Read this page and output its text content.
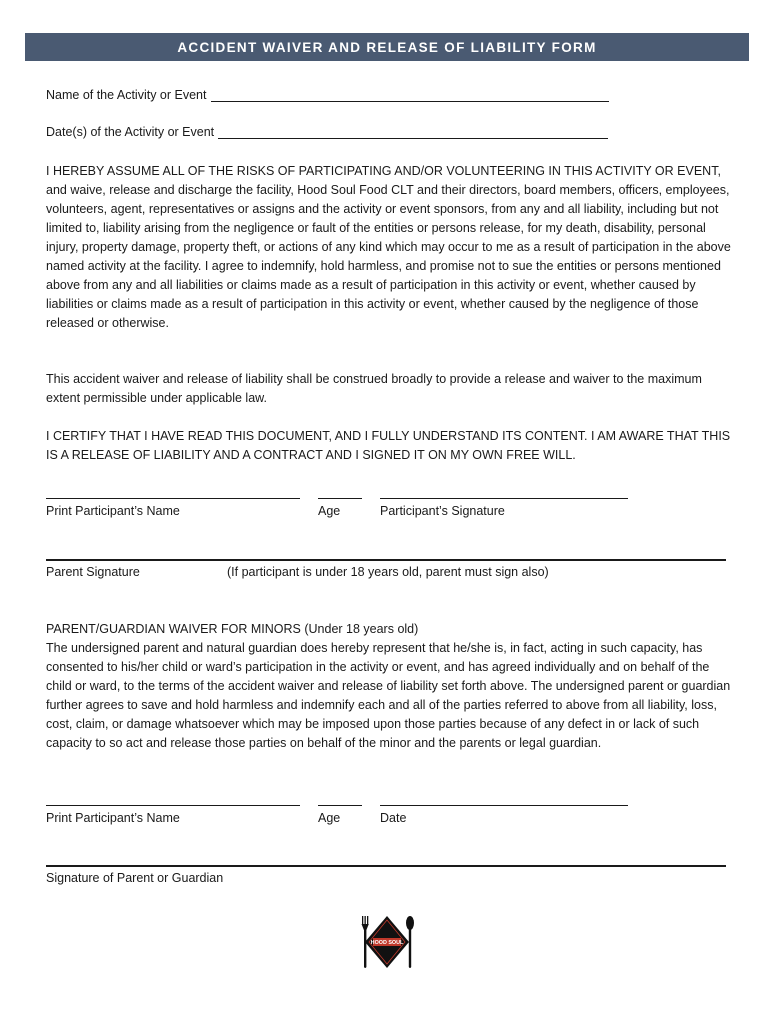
ACCIDENT WAIVER AND RELEASE OF LIABILITY FORM
Name of the Activity or Event
Date(s) of the Activity or Event

I HEREBY ASSUME ALL OF THE RISKS OF PARTICIPATING AND/OR VOLUNTEERING IN THIS ACTIVITY OR EVENT, and waive, release and discharge the facility, Hood Soul Food CLT and their directors, board members, officers, employees, volunteers, agent, representatives or assigns and the activity or event sponsors, from any and all liability, including but not limited to, liability arising from the negligence or fault of the entities or persons release, for my death, disability, personal injury, property damage, property theft, or actions of any kind which may occur to me as a result of participation in the above named activity at the facility. I agree to indemnify, hold harmless, and promise not to sue the entities or persons mentioned above from any and all liabilities or claims made as a result of participation in this activity or event, whether caused by liabilities or claims made as a result of participation in this activity or event, whether caused by the negligence of those released or otherwise.

This accident waiver and release of liability shall be construed broadly to provide a release and waiver to the maximum extent permissible under applicable law.

I CERTIFY THAT I HAVE READ THIS DOCUMENT, AND I FULLY UNDERSTAND ITS CONTENT. I AM AWARE THAT THIS IS A RELEASE OF LIABILITY AND A CONTRACT AND I SIGNED IT ON MY OWN FREE WILL.

Print Participant’s Name	Age	Participant’s Signature
Parent Signature	(If participant is under 18 years old, parent must sign also)

PARENT/GUARDIAN WAIVER FOR MINORS (Under 18 years old)

The undersigned parent and natural guardian does hereby represent that he/she is, in fact, acting in such capacity, has consented to his/her child or ward’s participation in the activity or event, and has agreed individually and on behalf of the child or ward, to the terms of the accident waiver and release of liability set forth above. The undersigned parent or guardian further agrees to save and hold harmless and indemnify each and all of the parties referred to above from all liability, loss, cost, claim, or damage whatsoever which may be imposed upon those parties because of any defect in or lack of such capacity to so act and release those parties on behalf of the minor and the parents or legal guardian.

Print Participant’s Name	Age	Date
Signature of Parent or Guardian
HOOD SOUL
